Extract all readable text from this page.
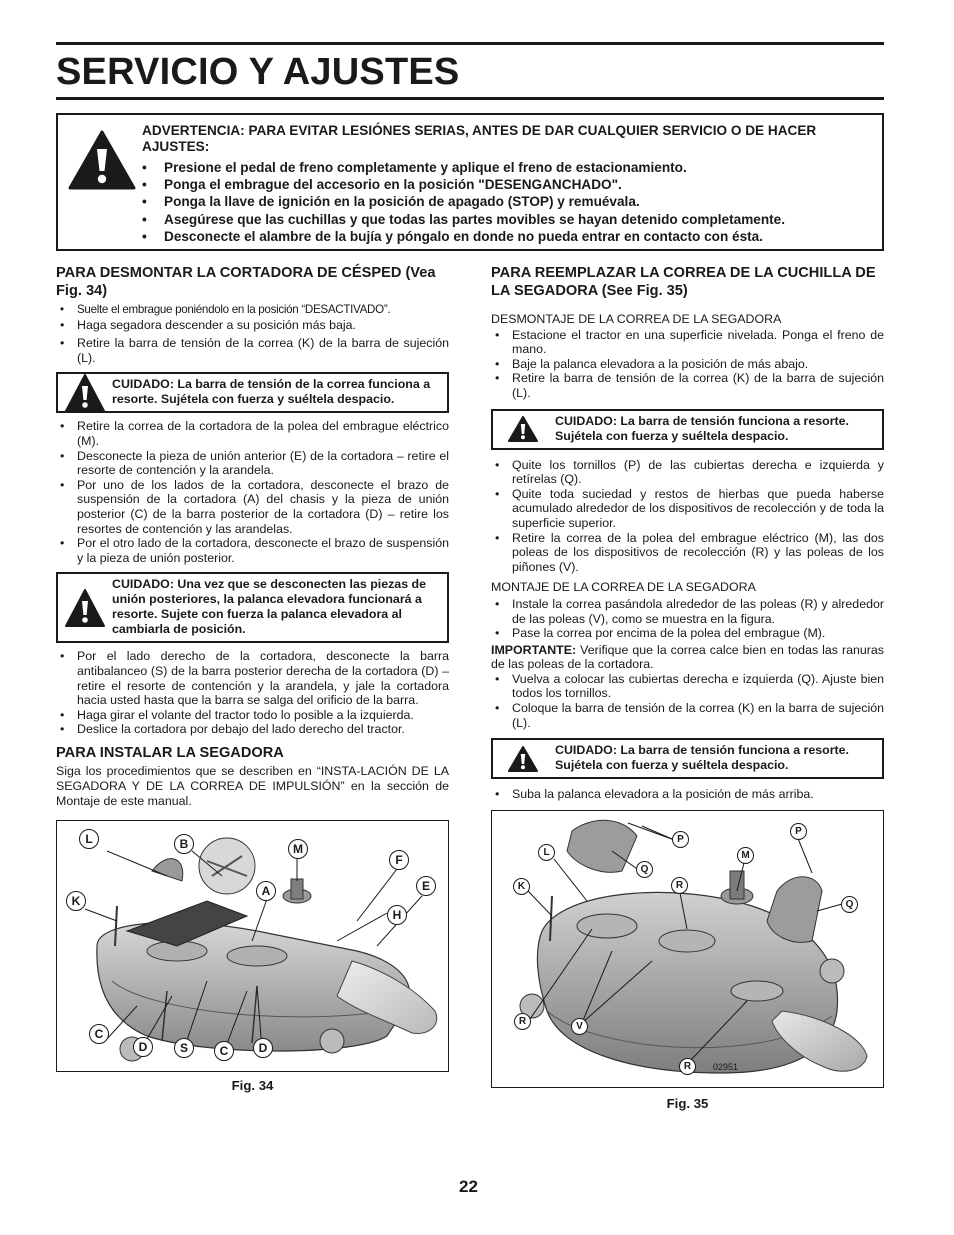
SERVICIO Y AJUSTES
ADVERTENCIA: PARA EVITAR LESIÓNES SERIAS, ANTES DE DAR CUALQUIER SERVICIO O DE HACER AJUSTES:
• Presione el pedal de freno completamente y aplique el freno de estacionamiento.
• Ponga el embrague del accesorio en la posición "DESENGANCHADO".
• Ponga la llave de ignición en la posición de apagado (STOP) y remuévala.
• Asegúrese que las cuchillas y que todas las partes movibles se hayan detenido completamente.
• Desconecte el alambre de la bujía y póngalo en donde no pueda entrar en contacto con ésta.
PARA DESMONTAR LA CORTADORA DE CÉSPED (Vea Fig. 34)
• Suelte el embrague poniéndolo en la posición “DESACTIVADO”.
• Haga segadora descender a su posición más baja.
• Retire la barra de tensión de la correa (K) de la barra de sujeción (L).
CUIDADO: La barra de tensión de la correa funciona a resorte. Sujétela con fuerza y suéltela despacio.
• Retire la correa de la cortadora de la polea del embrague eléctrico (M).
• Desconecte la pieza de unión anterior (E) de la cortadora – retire el resorte de contención y la arandela.
• Por uno de los lados de la cortadora, desconecte el brazo de suspensión de la cortadora (A) del chasis y la pieza de unión posterior (C) de la barra posterior de la cortadora (D) – retire los resortes de contención y las arandelas.
• Por el otro lado de la cortadora, desconecte el brazo de suspensión y la pieza de unión posterior.
CUIDADO: Una vez que se desconecten las piezas de unión posteriores, la palanca elevadora funcionará a resorte. Sujete con fuerza la palanca elevadora al cambiarla de posición.
• Por el lado derecho de la cortadora, desconecte la barra antibalanceo (S) de la barra posterior derecha de la cortadora (D) – retire el resorte de contención y la arandela, y jale la cortadora hacia usted hasta que la barra se salga del orificio de la barra.
• Haga girar el volante del tractor todo lo posible a la izquierda.
• Deslice la cortadora por debajo del lado derecho del tractor.
PARA INSTALAR LA SEGADORA

Siga los procedimientos que se describen en “INSTA-LACIÓN DE LA SEGADORA Y DE LA CORREA DE IMPULSIÓN” en la sección de Montaje de este manual.

L	B	M
F
E
K
A
H
C
D	S	C	D
Fig. 34
PARA REEMPLAZAR LA CORREA DE LA CUCHILLA DE LA SEGADORA (See Fig. 35)
DESMONTAJE DE LA CORREA DE LA SEGADORA
• Estacione el tractor en una superficie nivelada. Ponga el freno de mano.
• Baje la palanca elevadora a la posición de más abajo.
• Retire la barra de tensión de la correa (K) de la barra de sujeción (L).
CUIDADO: La barra de tensión funciona a resorte. Sujétela con fuerza y suéltela despacio.
• Quite los tornillos (P) de las cubiertas derecha e izquierda y retírelas (Q).
• Quite toda suciedad y restos de hierbas que pueda haberse acumulado alrededor de los dispositivos de recolección y de toda la superficie superior.
• Retire la correa de la polea del embrague eléctrico (M), las dos poleas de los dispositivos de recolección (R) y las poleas de los piñones (V).
MONTAJE DE LA CORREA DE LA SEGADORA
• Instale la correa pasándola alrededor de las poleas (R) y alrededor de las poleas (V), como se muestra en la figura.
• Pase la correa por encima de la polea del embrague (M).

IMPORTANTE: Verifique que la correa calce bien en todas las ranuras de las poleas de la cortadora.

• Vuelva a colocar las cubiertas derecha e izquierda (Q). Ajuste bien todos los tornillos.
• Coloque la barra de tensión de la correa (K) en la barra de sujeción (L).
CUIDADO: La barra de tensión funciona a resorte. Sujétela con fuerza y suéltela despacio.
• Suba la palanca elevadora a la posición de más arriba.
P
P
L
Q
M
K	R
Q
R	V
R	02951
Fig. 35
22
